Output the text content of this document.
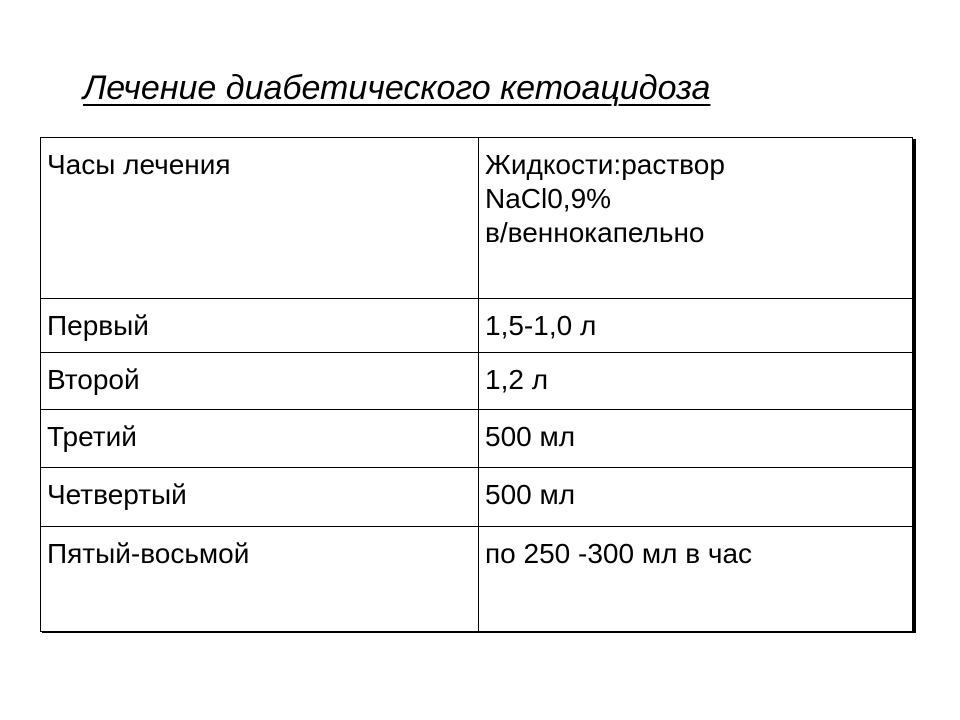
Лечение диабетического кетоацидоза
Часы лечения	Жидкости:раствор
NaCl0,9%
в/веннокапельно

Первый	1,5-1,0 л

Второй	1,2 л

Третий	500 мл

Четвертый	500 мл

Пятый-восьмой	по 250 -300 мл в час
